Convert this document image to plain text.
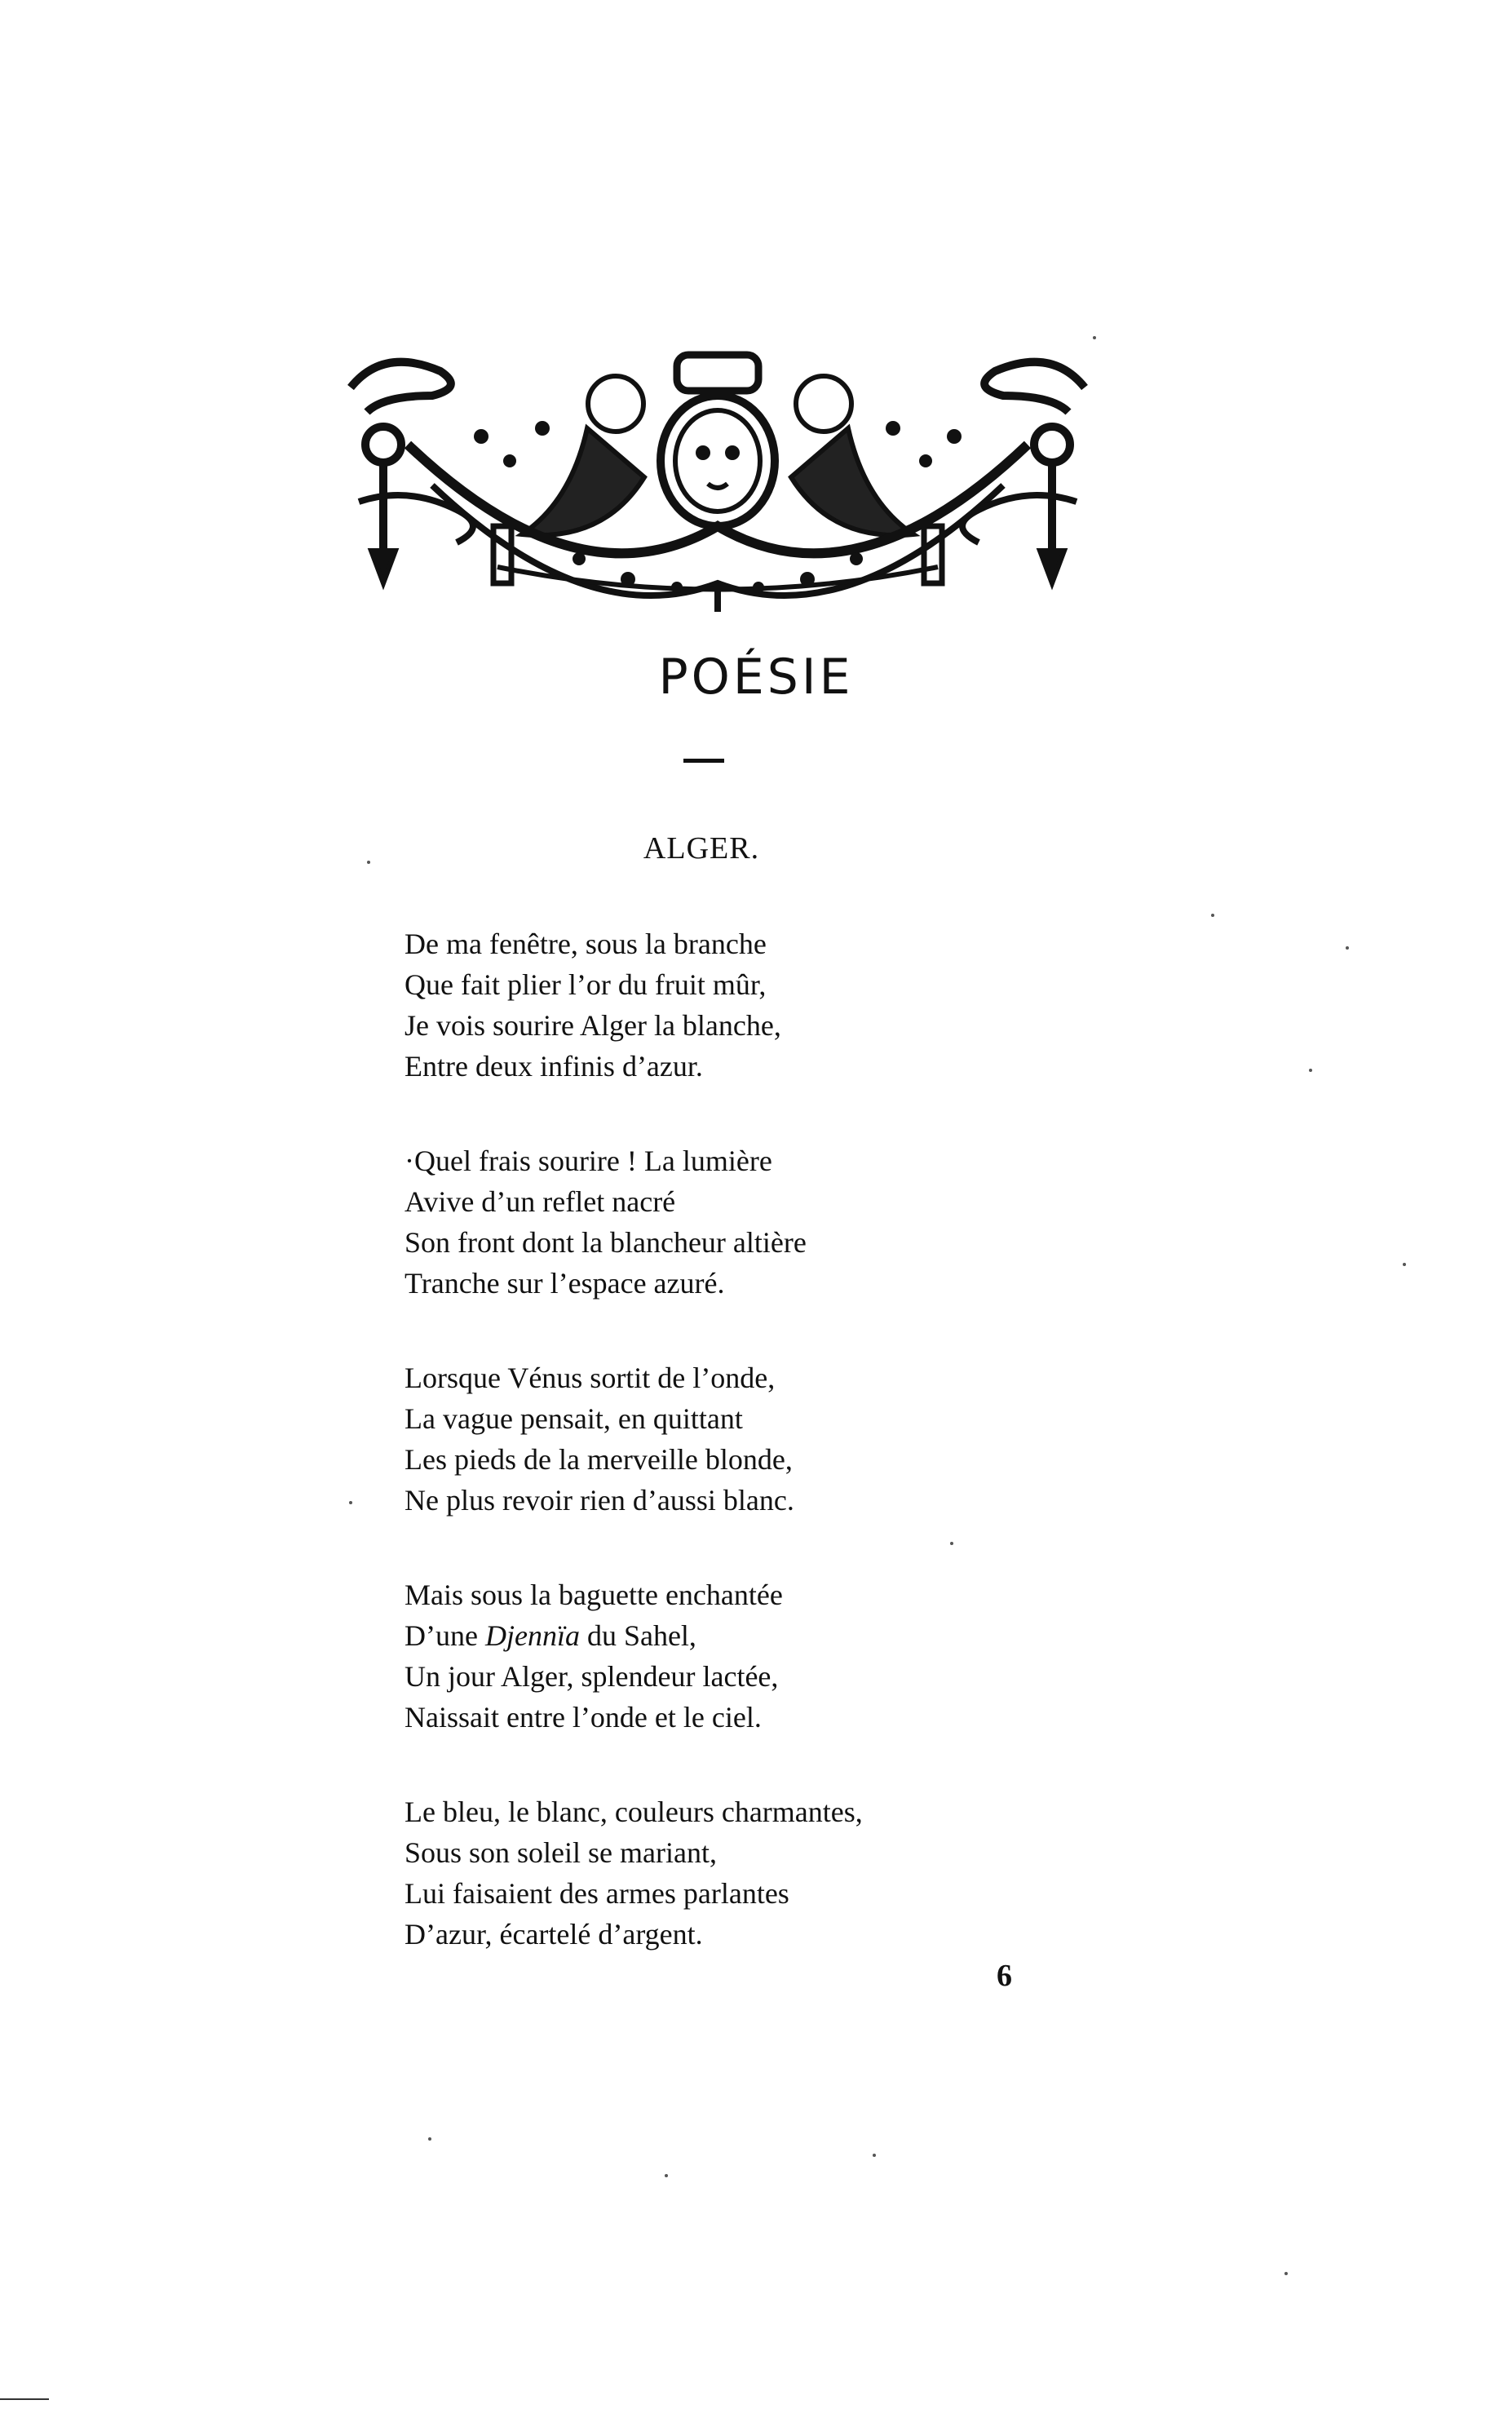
POÉSIE
ALGER.
De ma fenêtre, sous la branche
Que fait plier l’or du fruit mûr,
Je vois sourire Alger la blanche,
Entre deux infinis d’azur.
·Quel frais sourire ! La lumière
Avive d’un reflet nacré
Son front dont la blancheur altière
Tranche sur l’espace azuré.
Lorsque Vénus sortit de l’onde,
La vague pensait, en quittant
Les pieds de la merveille blonde,
Ne plus revoir rien d’aussi blanc.
Mais sous la baguette enchantée
D’une Djennïa du Sahel,
Un jour Alger, splendeur lactée,
Naissait entre l’onde et le ciel.
Le bleu, le blanc, couleurs charmantes,
Sous son soleil se mariant,
Lui faisaient des armes parlantes
D’azur, écartelé d’argent.
6
